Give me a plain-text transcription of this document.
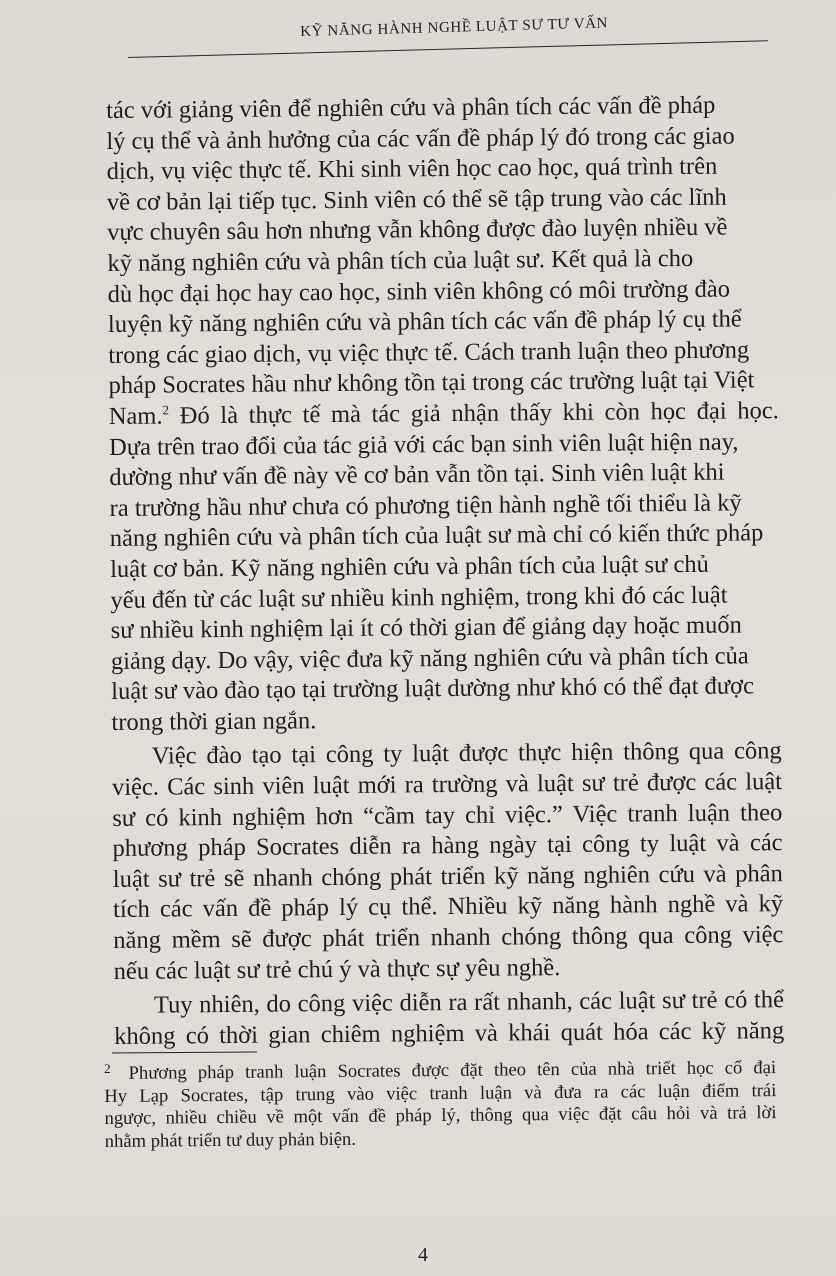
KỸ NĂNG HÀNH NGHỀ LUẬT SƯ TƯ VẤN

tác với giảng viên để nghiên cứu và phân tích các vấn đề pháp
lý cụ thể và ảnh hưởng của các vấn đề pháp lý đó trong các giao
dịch, vụ việc thực tế. Khi sinh viên học cao học, quá trình trên
về cơ bản lại tiếp tục. Sinh viên có thể sẽ tập trung vào các lĩnh
vực chuyên sâu hơn nhưng vẫn không được đào luyện nhiều về
kỹ năng nghiên cứu và phân tích của luật sư. Kết quả là cho
dù học đại học hay cao học, sinh viên không có môi trường đào
luyện kỹ năng nghiên cứu và phân tích các vấn đề pháp lý cụ thể
trong các giao dịch, vụ việc thực tế. Cách tranh luận theo phương
pháp Socrates hầu như không tồn tại trong các trường luật tại Việt
Nam.$^2$ Đó là thực tế mà tác giả nhận thấy khi còn học đại học.
Dựa trên trao đổi của tác giả với các bạn sinh viên luật hiện nay,
dường như vấn đề này về cơ bản vẫn tồn tại. Sinh viên luật khi
ra trường hầu như chưa có phương tiện hành nghề tối thiểu là kỹ
năng nghiên cứu và phân tích của luật sư mà chỉ có kiến thức pháp
luật cơ bản. Kỹ năng nghiên cứu và phân tích của luật sư chủ
yếu đến từ các luật sư nhiều kinh nghiệm, trong khi đó các luật
sư nhiều kinh nghiệm lại ít có thời gian để giảng dạy hoặc muốn
giảng dạy. Do vậy, việc đưa kỹ năng nghiên cứu và phân tích của
luật sư vào đào tạo tại trường luật dường như khó có thể đạt được
trong thời gian ngắn.

Việc đào tạo tại công ty luật được thực hiện thông qua công
việc. Các sinh viên luật mới ra trường và luật sư trẻ được các luật
sư có kinh nghiệm hơn “cầm tay chỉ việc.” Việc tranh luận theo
phương pháp Socrates diễn ra hàng ngày tại công ty luật và các
luật sư trẻ sẽ nhanh chóng phát triển kỹ năng nghiên cứu và phân
tích các vấn đề pháp lý cụ thể. Nhiều kỹ năng hành nghề và kỹ
năng mềm sẽ được phát triển nhanh chóng thông qua công việc
nếu các luật sư trẻ chú ý và thực sự yêu nghề.

Tuy nhiên, do công việc diễn ra rất nhanh, các luật sư trẻ có thể
không có thời gian chiêm nghiệm và khái quát hóa các kỹ năng

2 Phương pháp tranh luận Socrates được đặt theo tên của nhà triết học cổ đại
Hy Lạp Socrates, tập trung vào việc tranh luận và đưa ra các luận điểm trái
ngược, nhiều chiều về một vấn đề pháp lý, thông qua việc đặt câu hỏi và trả lời
nhằm phát triển tư duy phản biện.
4
